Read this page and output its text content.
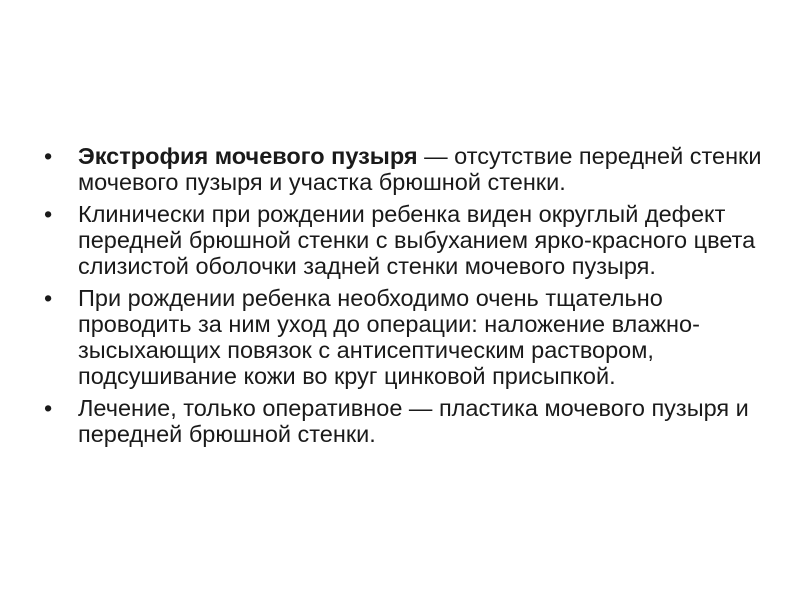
• Экстрофия мочевого пузыря — отсутствие передней стенки мочевого пузыря и участка брюшной стенки.
• Клинически при рождении ребенка виден округлый дефект передней брюшной стенки с выбуханием ярко-красного цвета слизистой оболочки задней стенки мочевого пузыря.
• При рождении ребенка необходимо очень тщательно проводить за ним уход до операции: наложение влажно-зысыхающих повязок с антисептическим раствором, подсушивание кожи во круг цинковой присыпкой.
• Лечение, только оперативное — пластика мочевого пузыря и передней брюшной стенки.
